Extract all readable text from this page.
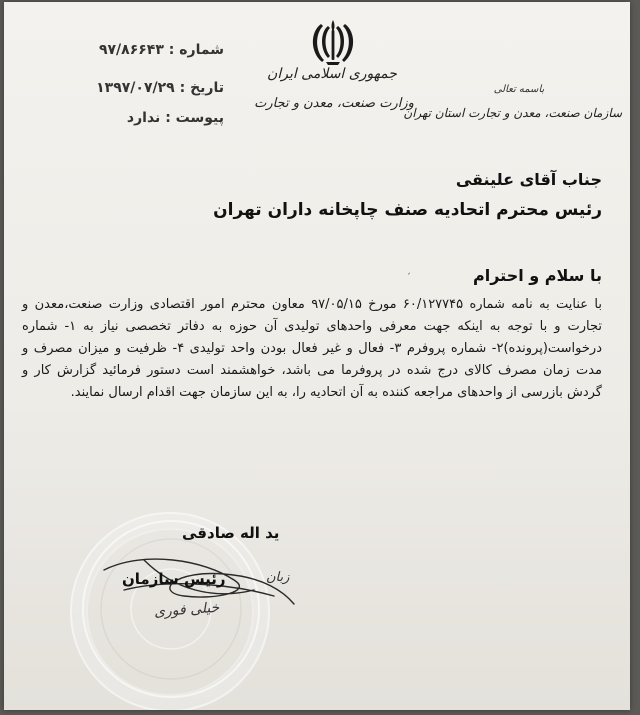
جمهوری اسلامی ایران
وزارت صنعت، معدن و تجارت
باسمه تعالی
سازمان صنعت، معدن و تجارت استان تهران
شماره : ۹۷/۸۶۶۴۳
تاریخ : ۱۳۹۷/۰۷/۲۹
پیوست : ندارد
جناب آقای علینقی
رئیس محترم اتحادیه صنف چاپخانه داران تهران
ˏ	با سلام و احترام

با عنایت به نامه شماره ۶۰/۱۲۷۷۴۵ مورخ ۹۷/۰۵/۱۵ معاون محترم امور اقتصادی وزارت صنعت،معدن و تجارت و با توجه به اینکه جهت معرفی واحدهای تولیدی آن حوزه به دفاتر تخصصی نیاز به ۱- شماره درخواست(پرونده)۲- شماره پروفرم ۳- فعال و غیر فعال بودن واحد تولیدی ۴- ظرفیت و میزان مصرف و مدت زمان مصرف کالای درج شده در پروفرما می باشد، خواهشمند است دستور فرمائید گزارش کار و گردش بازرسی از واحدهای مراجعه کننده به آن اتحادیه را، به این سازمان جهت اقدام ارسال نمایند.

ید اله صادقی
رئیس سازمان	زبان
خیلی فوری
